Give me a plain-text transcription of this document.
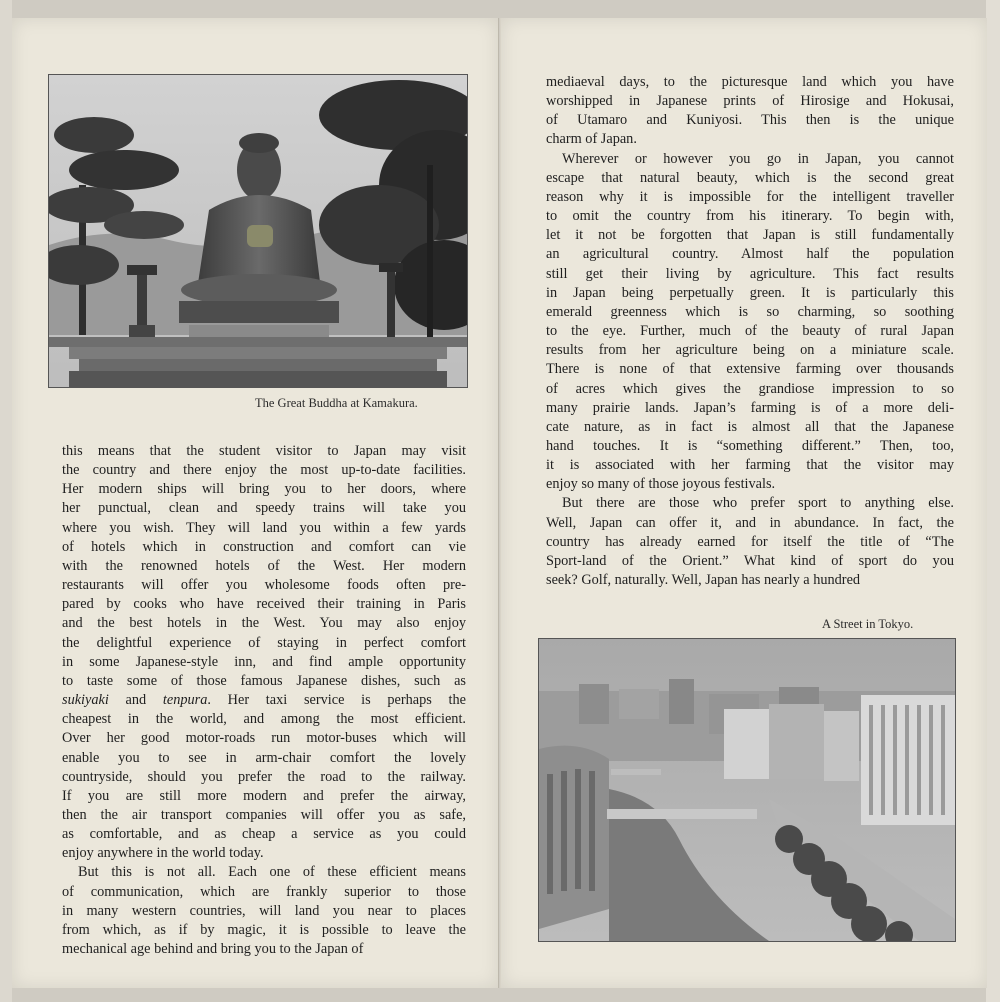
The Great Buddha at Kamakura.
this means that the student visitor to Japan may visit
the country and there enjoy the most up-to-date facilities.
Her modern ships will bring you to her doors, where
her punctual, clean and speedy trains will take you
where you wish. They will land you within a few yards
of hotels which in construction and comfort can vie
with the renowned hotels of the West. Her modern
restaurants will offer you wholesome foods often pre-
pared by cooks who have received their training in Paris
and the best hotels in the West. You may also enjoy
the delightful experience of staying in perfect comfort
in some Japanese-style inn, and find ample opportunity
to taste some of those famous Japanese dishes, such as
sukiyaki and tenpura. Her taxi service is perhaps the
cheapest in the world, and among the most efficient.
Over her good motor-roads run motor-buses which will
enable you to see in arm-chair comfort the lovely
countryside, should you prefer the road to the railway.
If you are still more modern and prefer the airway,
then the air transport companies will offer you as safe,
as comfortable, and as cheap a service as you could
enjoy anywhere in the world today.
But this is not all. Each one of these efficient means
of communication, which are frankly superior to those
in many western countries, will land you near to places
from which, as if by magic, it is possible to leave the
mechanical age behind and bring you to the Japan of
mediaeval days, to the picturesque land which you have
worshipped in Japanese prints of Hirosige and Hokusai,
of Utamaro and Kuniyosi. This then is the unique
charm of Japan.
Wherever or however you go in Japan, you cannot
escape that natural beauty, which is the second great
reason why it is impossible for the intelligent traveller
to omit the country from his itinerary. To begin with,
let it not be forgotten that Japan is still fundamentally
an agricultural country. Almost half the population
still get their living by agriculture. This fact results
in Japan being perpetually green. It is particularly this
emerald greenness which is so charming, so soothing
to the eye. Further, much of the beauty of rural Japan
results from her agriculture being on a miniature scale.
There is none of that extensive farming over thousands
of acres which gives the grandiose impression to so
many prairie lands. Japan’s farming is of a more deli-
cate nature, as in fact is almost all that the Japanese
hand touches. It is “something different.” Then, too,
it is associated with her farming that the visitor may
enjoy so many of those joyous festivals.
But there are those who prefer sport to anything else.
Well, Japan can offer it, and in abundance. In fact, the
country has already earned for itself the title of “The
Sport-land of the Orient.” What kind of sport do you
seek? Golf, naturally. Well, Japan has nearly a hundred
A Street in Tokyo.
